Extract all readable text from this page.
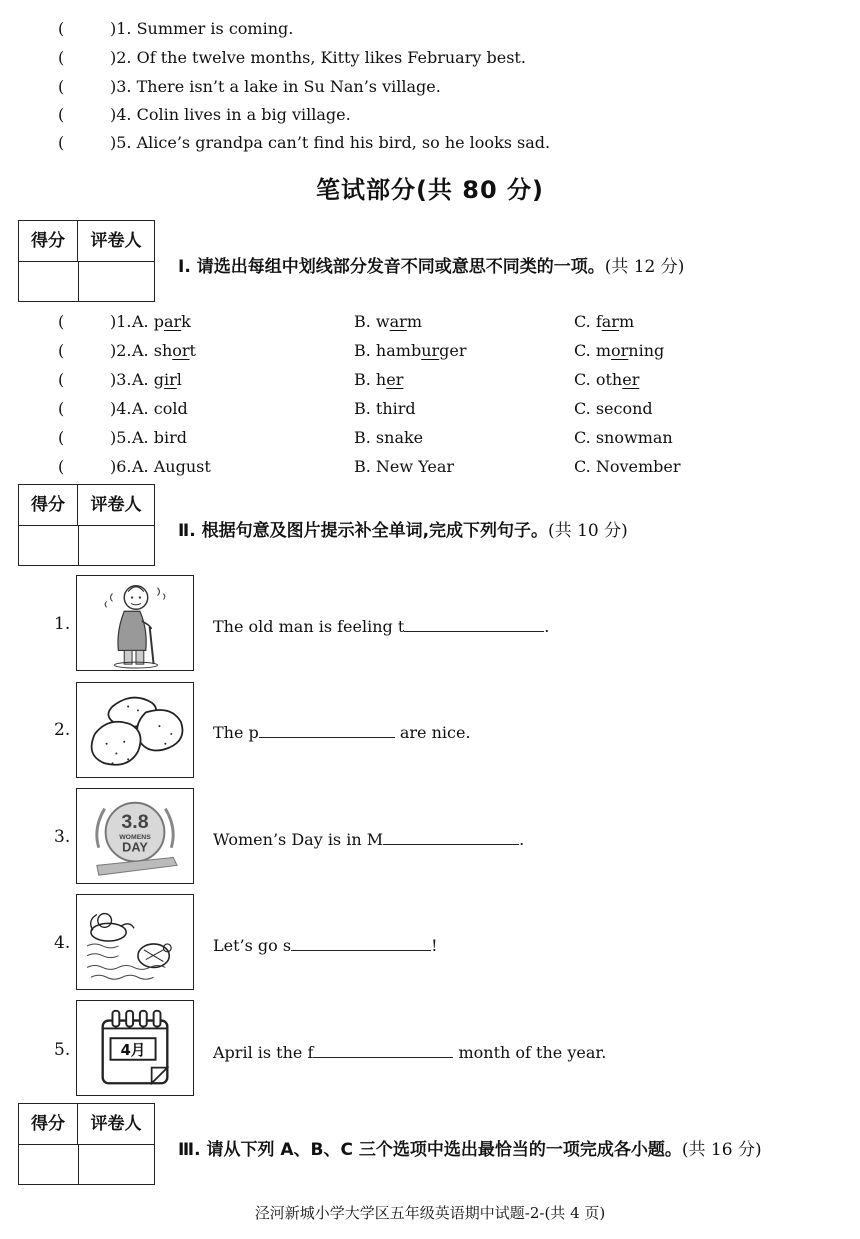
(	)1. Summer is coming.
(	)2. Of the twelve months, Kitty likes February best.
(	)3. There isn’t a lake in Su Nan’s village.
(	)4. Colin lives in a big village.
(	)5. Alice’s grandpa can’t find his bird, so he looks sad.
笔试部分(共 80 分)
得分	评卷人
Ⅰ. 请选出每组中划线部分发音不同或意思不同类的一项。(共 12 分)
(	)1. A. park	B. warm	C. farm
(	)2. A. short	B. hamburger	C. morning
(	)3. A. girl	B. her	C. other
(	)4. A. cold	B. third	C. second
(	)5. A. bird	B. snake	C. snowman
(	)6. A. August	B. New Year	C. November
得分	评卷人
Ⅱ. 根据句意及图片提示补全单词,完成下列句子。(共 10 分)
1.	The old man is feeling t	.
2.	The p	are nice.
3.
3.8
WOMENS
DAY	Women’s Day is in M	.
4.	Let’s go s	!
5.	4月	April is the f	month of the year.
得分	评卷人
Ⅲ. 请从下列 A、B、C 三个选项中选出最恰当的一项完成各小题。(共 16 分)
泾河新城小学大学区五年级英语期中试题-2-(共 4 页)
